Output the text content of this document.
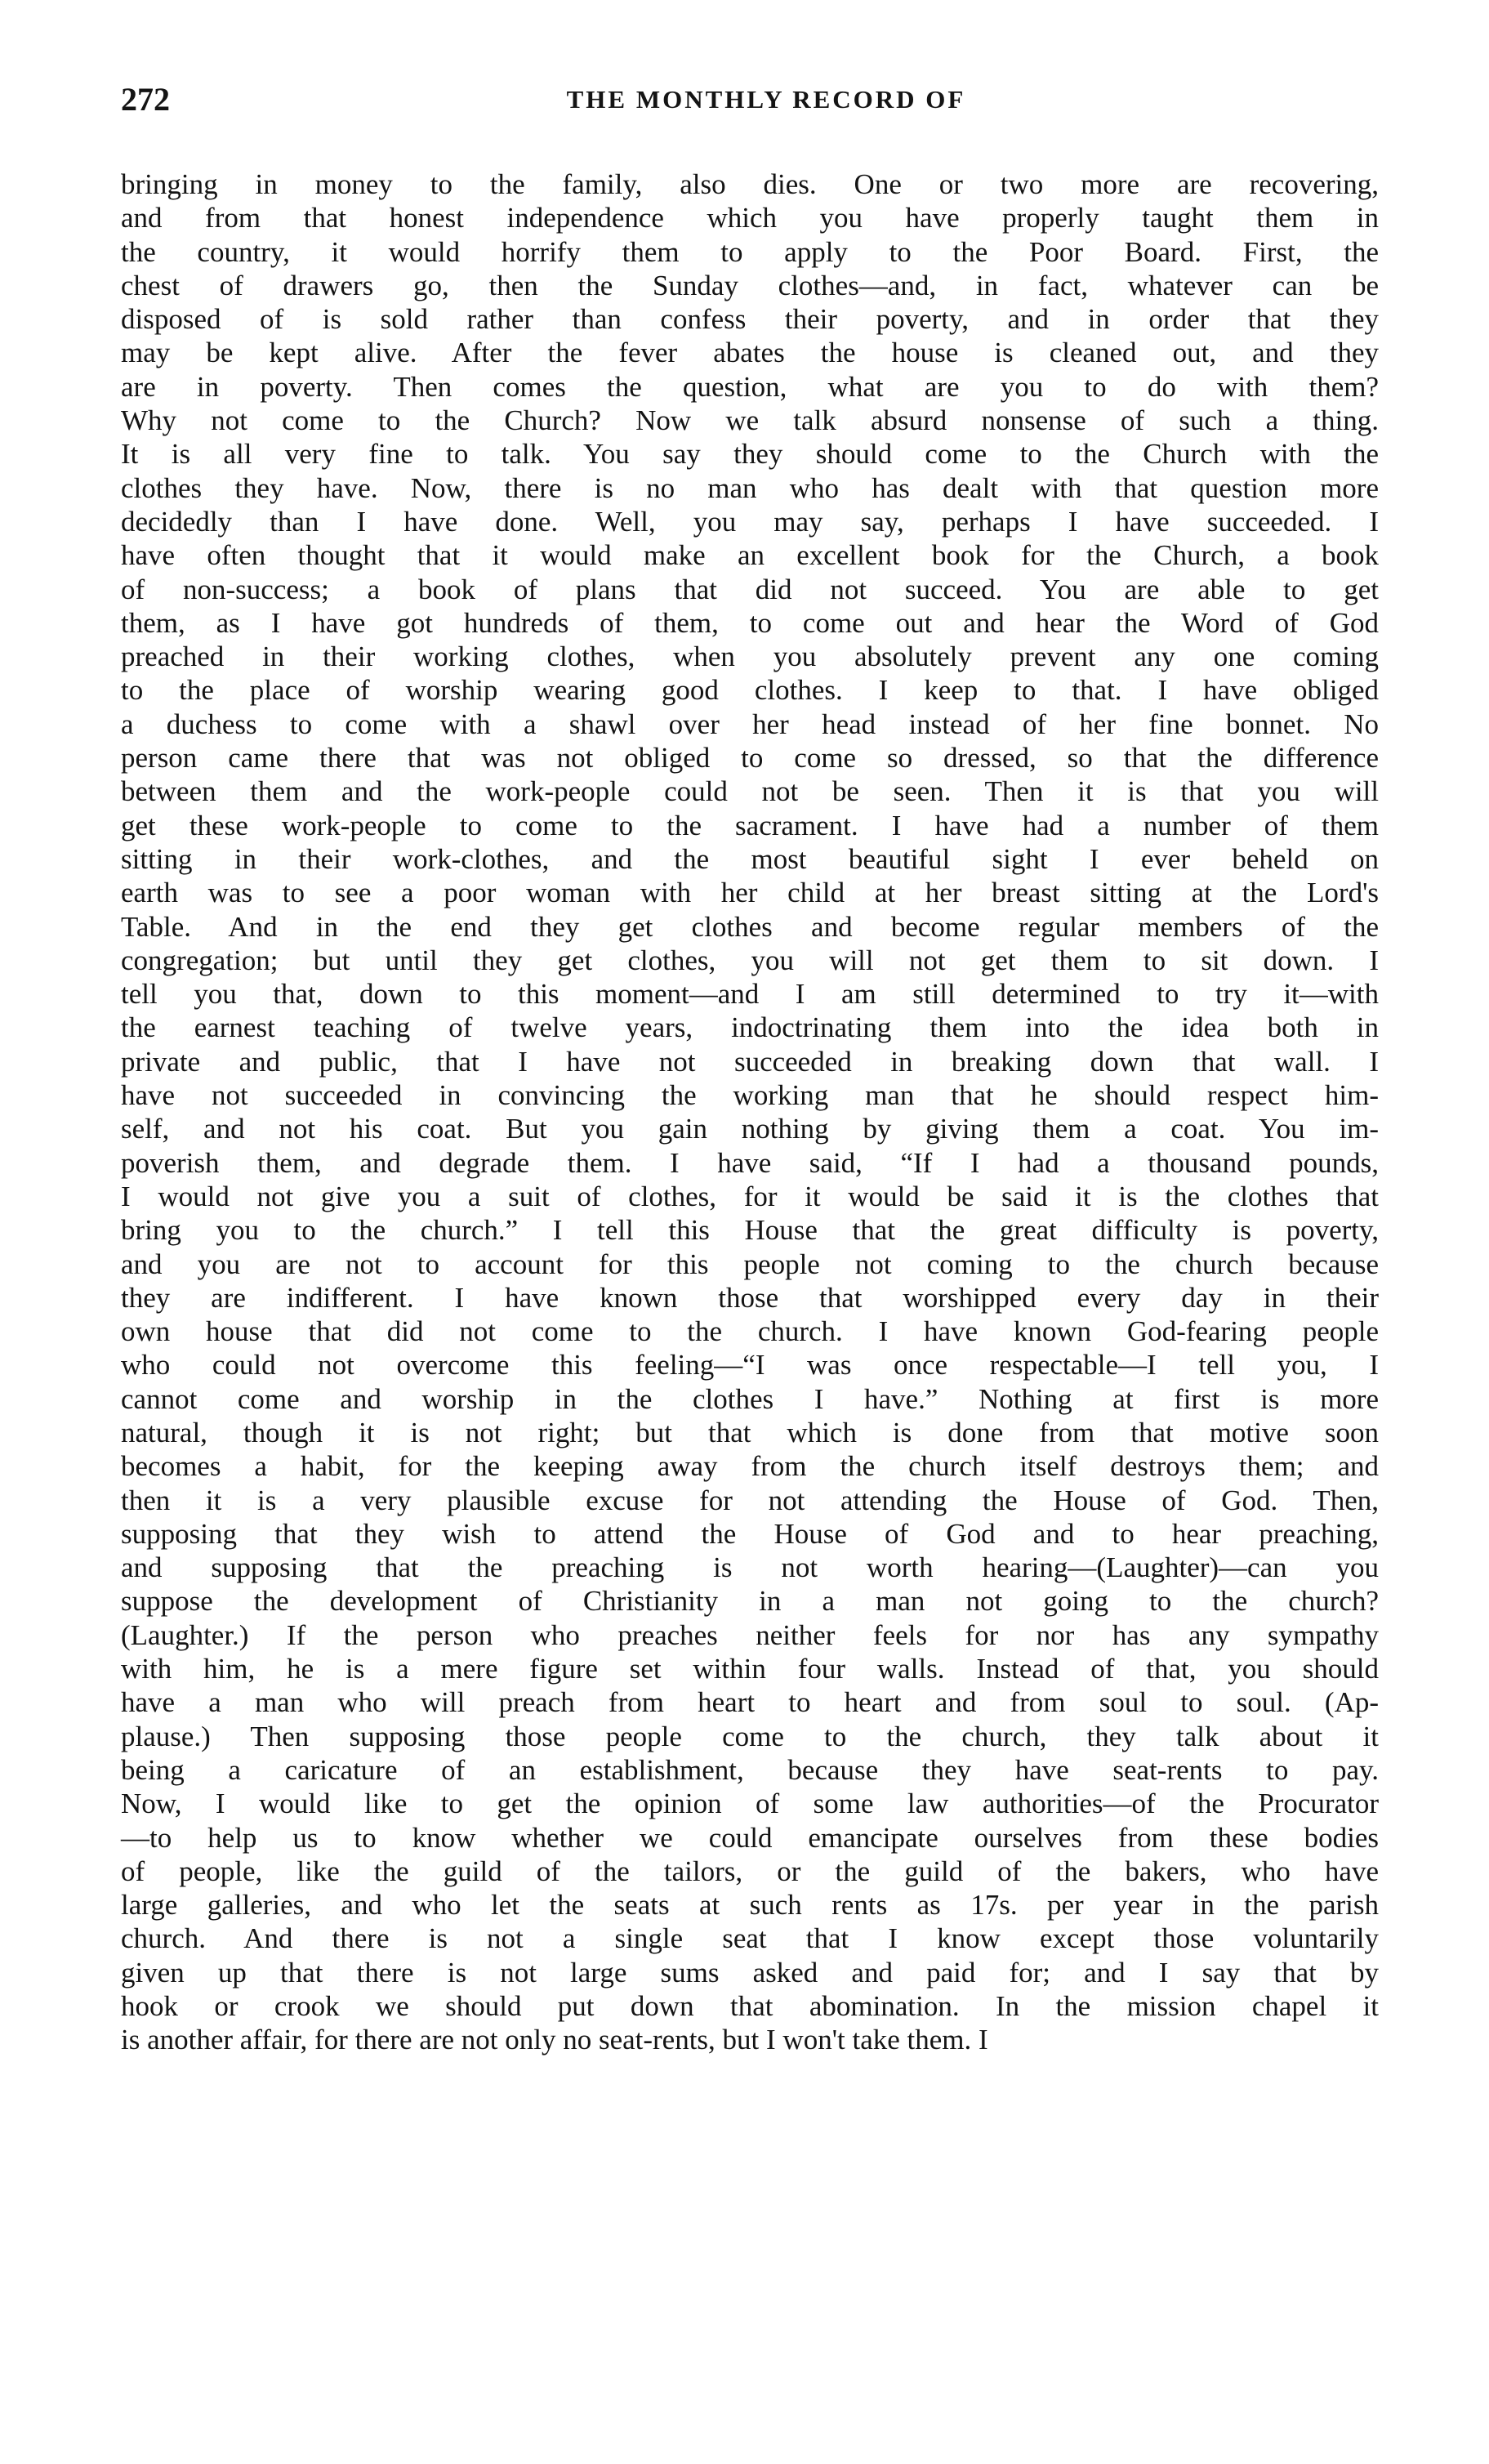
272	THE MONTHLY RECORD OF
bringing in money to the family, also dies. One or two more are recovering,
and from that honest independence which you have properly taught them in
the country, it would horrify them to apply to the Poor Board. First, the
chest of drawers go, then the Sunday clothes—and, in fact, whatever can be
disposed of is sold rather than confess their poverty, and in order that they
may be kept alive. After the fever abates the house is cleaned out, and they
are in poverty. Then comes the question, what are you to do with them?
Why not come to the Church? Now we talk absurd nonsense of such a thing.
It is all very fine to talk. You say they should come to the Church with the
clothes they have. Now, there is no man who has dealt with that question more
decidedly than I have done. Well, you may say, perhaps I have succeeded. I
have often thought that it would make an excellent book for the Church, a book
of non-success; a book of plans that did not succeed. You are able to get
them, as I have got hundreds of them, to come out and hear the Word of God
preached in their working clothes, when you absolutely prevent any one coming
to the place of worship wearing good clothes. I keep to that. I have obliged
a duchess to come with a shawl over her head instead of her fine bonnet. No
person came there that was not obliged to come so dressed, so that the difference
between them and the work-people could not be seen. Then it is that you will
get these work-people to come to the sacrament. I have had a number of them
sitting in their work-clothes, and the most beautiful sight I ever beheld on
earth was to see a poor woman with her child at her breast sitting at the Lord's
Table. And in the end they get clothes and become regular members of the
congregation; but until they get clothes, you will not get them to sit down. I
tell you that, down to this moment—and I am still determined to try it—with
the earnest teaching of twelve years, indoctrinating them into the idea both in
private and public, that I have not succeeded in breaking down that wall. I
have not succeeded in convincing the working man that he should respect him-
self, and not his coat. But you gain nothing by giving them a coat. You im-
poverish them, and degrade them. I have said, “If I had a thousand pounds,
I would not give you a suit of clothes, for it would be said it is the clothes that
bring you to the church.” I tell this House that the great difficulty is poverty,
and you are not to account for this people not coming to the church because
they are indifferent. I have known those that worshipped every day in their
own house that did not come to the church. I have known God-fearing people
who could not overcome this feeling—“I was once respectable—I tell you, I
cannot come and worship in the clothes I have.” Nothing at first is more
natural, though it is not right; but that which is done from that motive soon
becomes a habit, for the keeping away from the church itself destroys them; and
then it is a very plausible excuse for not attending the House of God. Then,
supposing that they wish to attend the House of God and to hear preaching,
and supposing that the preaching is not worth hearing—(Laughter)—can you
suppose the development of Christianity in a man not going to the church?
(Laughter.) If the person who preaches neither feels for nor has any sympathy
with him, he is a mere figure set within four walls. Instead of that, you should
have a man who will preach from heart to heart and from soul to soul. (Ap-
plause.) Then supposing those people come to the church, they talk about it
being a caricature of an establishment, because they have seat-rents to pay.
Now, I would like to get the opinion of some law authorities—of the Procurator
—to help us to know whether we could emancipate ourselves from these bodies
of people, like the guild of the tailors, or the guild of the bakers, who have
large galleries, and who let the seats at such rents as 17s. per year in the parish
church. And there is not a single seat that I know except those voluntarily
given up that there is not large sums asked and paid for; and I say that by
hook or crook we should put down that abomination. In the mission chapel it
is another affair, for there are not only no seat-rents, but I won't take them. I
